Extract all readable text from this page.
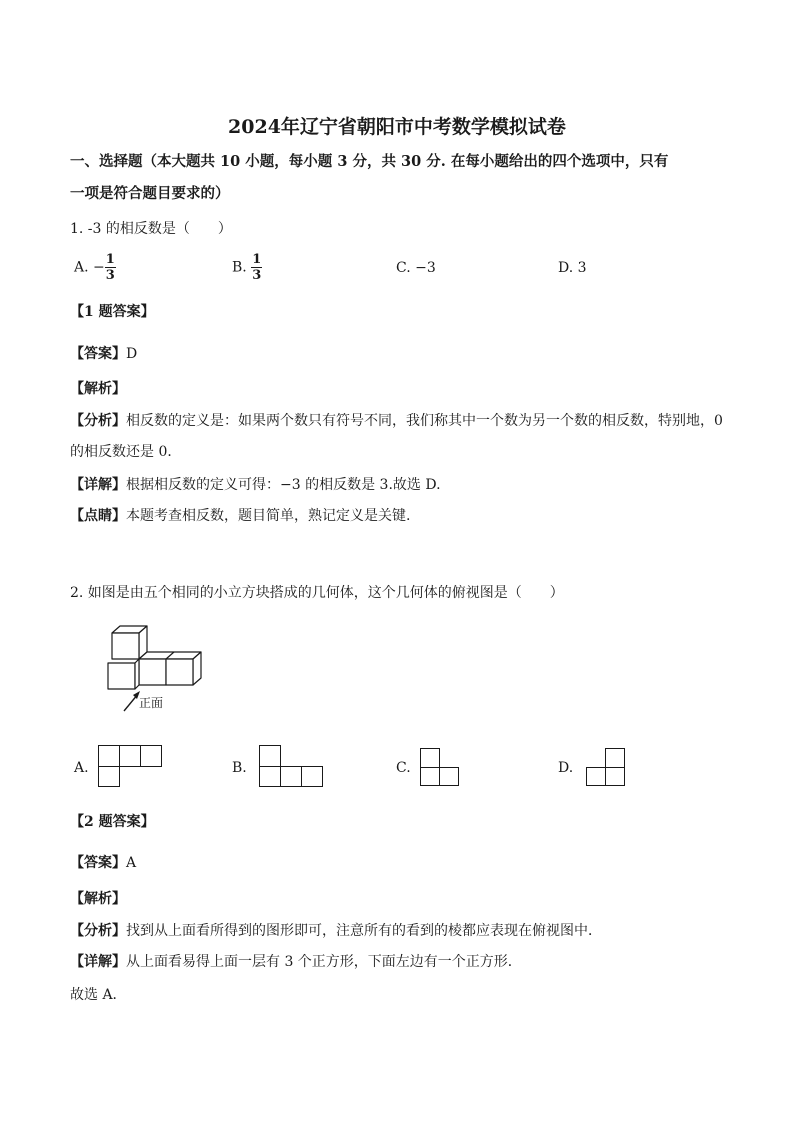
2024年辽宁省朝阳市中考数学模拟试卷
一、选择题（本大题共 10 小题，每小题 3 分，共 30 分. 在每小题给出的四个选项中，只有
一项是符合题目要求的）
1. -3 的相反数是（　　）
A. − $\frac{1}{3}$	B. $\frac{1}{3}$	C. −3	D. 3
【1 题答案】
【答案】D
【解析】
【分析】相反数的定义是：如果两个数只有符号不同，我们称其中一个数为另一个数的相反数，特别地，0
的相反数还是 0．
【详解】根据相反数的定义可得：−3 的相反数是 3.故选 D.
【点睛】本题考查相反数，题目简单，熟记定义是关键.
2. 如图是由五个相同的小立方块搭成的几何体，这个几何体的俯视图是（　　）
正面
A.	B.	C.	D.
【2 题答案】
【答案】A
【解析】
【分析】找到从上面看所得到的图形即可，注意所有的看到的棱都应表现在俯视图中．
【详解】从上面看易得上面一层有 3 个正方形，下面左边有一个正方形．
故选 A．
